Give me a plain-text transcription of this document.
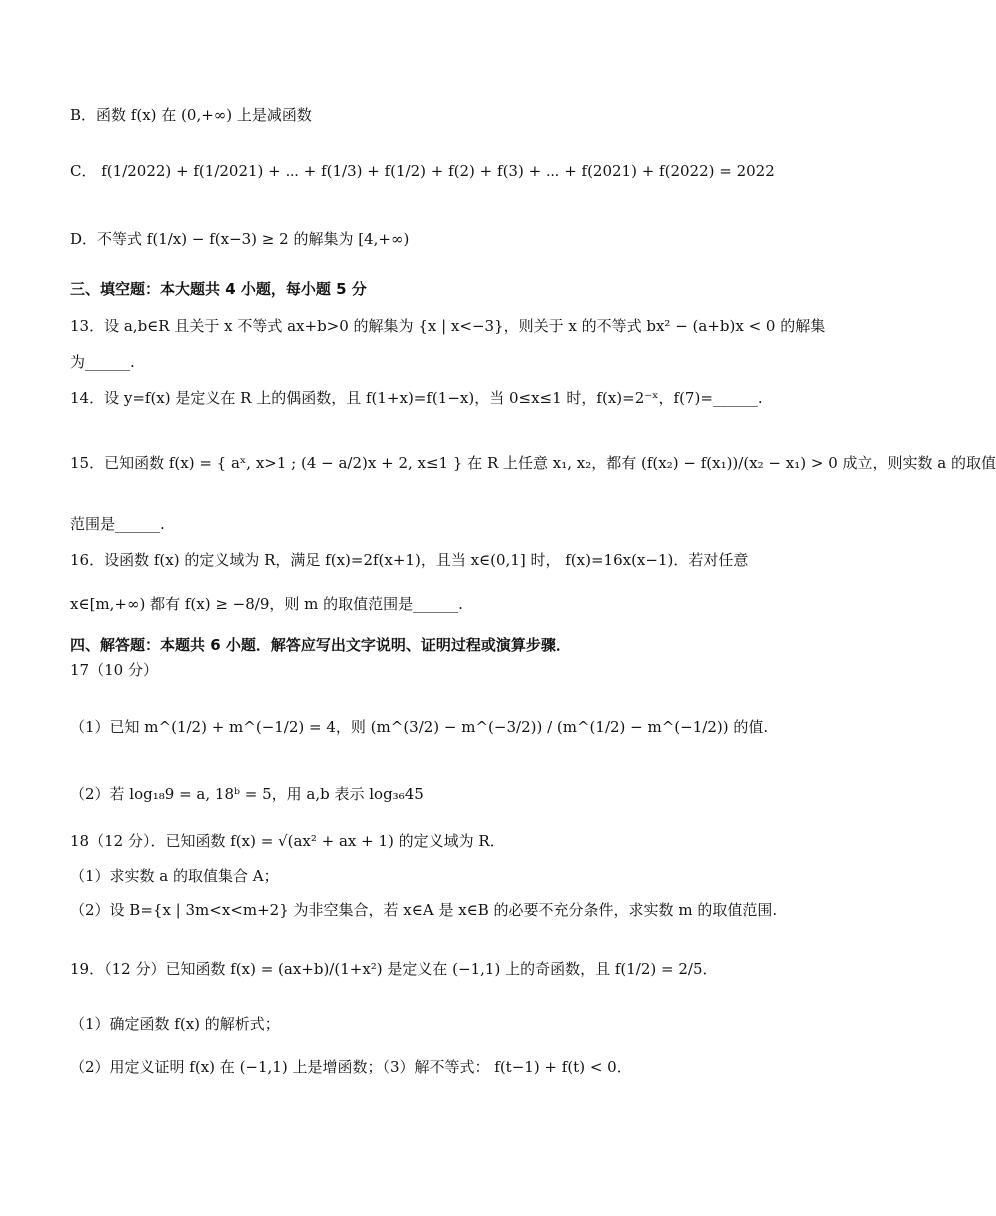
B．函数 f(x) 在 (0,+∞) 上是减函数
C． f(1/2022) + f(1/2021) + ⋯ + f(1/3) + f(1/2) + f(2) + f(3) + ⋯ + f(2021) + f(2022) = 2022
D．不等式 f(1/x) − f(x−3) ≥ 2 的解集为 [4,+∞)
三、填空题：本大题共 4 小题，每小题 5 分
13．设 a,b∈R 且关于 x 不等式 ax+b>0 的解集为 {x | x<−3}，则关于 x 的不等式 bx² − (a+b)x < 0 的解集
为______.
14．设 y=f(x) 是定义在 R 上的偶函数，且 f(1+x)=f(1−x)，当 0≤x≤1 时，f(x)=2⁻ˣ，f(7)=______.
15．已知函数 f(x) = { aˣ, x>1 ; (4 − a/2)x + 2, x≤1 } 在 R 上任意 x₁, x₂，都有 (f(x₂) − f(x₁))/(x₂ − x₁) > 0 成立，则实数 a 的取值
范围是______.
16．设函数 f(x) 的定义域为 R，满足 f(x)=2f(x+1)，且当 x∈(0,1] 时， f(x)=16x(x−1)．若对任意
x∈[m,+∞) 都有 f(x) ≥ −8/9，则 m 的取值范围是______.
四、解答题：本题共 6 小题．解答应写出文字说明、证明过程或演算步骤．
17（10 分）
（1）已知 m^(1/2) + m^(−1/2) = 4，则 (m^(3/2) − m^(−3/2)) / (m^(1/2) − m^(−1/2)) 的值.
（2）若 log₁₈9 = a, 18ᵇ = 5，用 a,b 表示 log₃₆45
18（12 分）．已知函数 f(x) = √(ax² + ax + 1) 的定义域为 R．
（1）求实数 a 的取值集合 A；
（2）设 B={x | 3m<x<m+2} 为非空集合，若 x∈A 是 x∈B 的必要不充分条件，求实数 m 的取值范围.
19．（12 分）已知函数 f(x) = (ax+b)/(1+x²) 是定义在 (−1,1) 上的奇函数，且 f(1/2) = 2/5．
（1）确定函数 f(x) 的解析式；
（2）用定义证明 f(x) 在 (−1,1) 上是增函数；（3）解不等式： f(t−1) + f(t) < 0．
